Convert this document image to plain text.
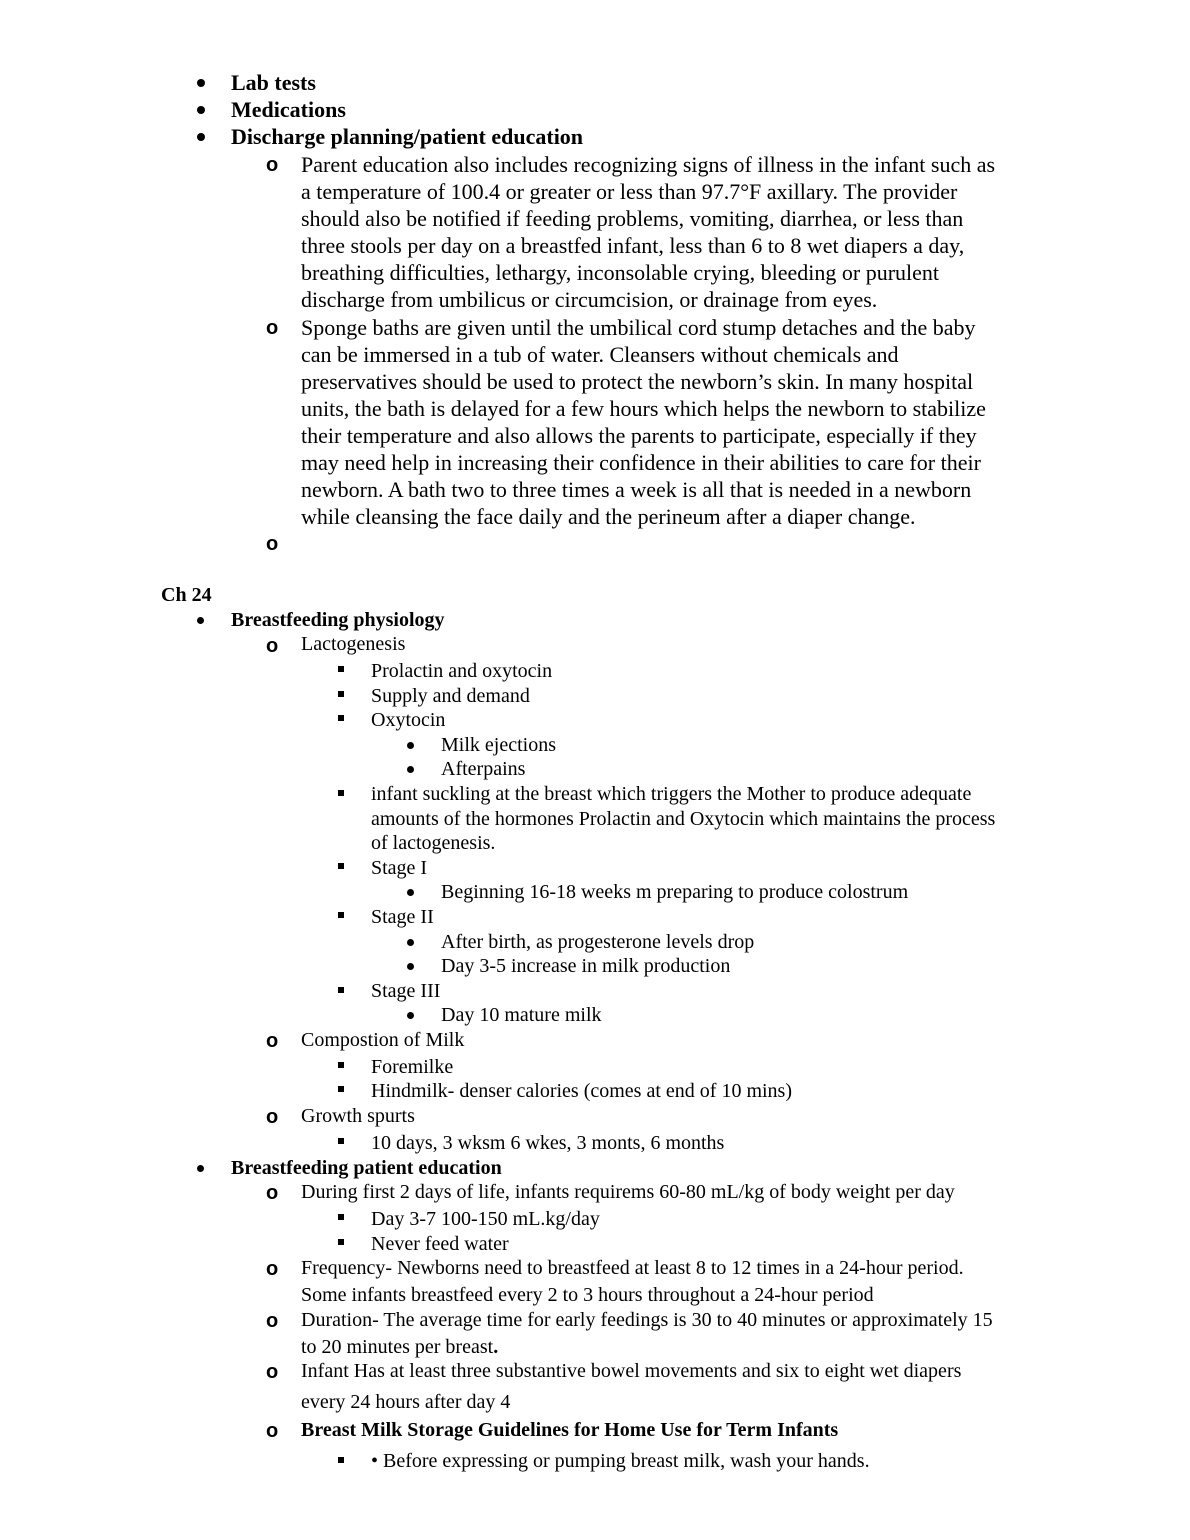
Lab tests
Medications
Discharge planning/patient education
o Parent education also includes recognizing signs of illness in the infant such as
a temperature of 100.4 or greater or less than 97.7°F axillary. The provider
should also be notified if feeding problems, vomiting, diarrhea, or less than
three stools per day on a breastfed infant, less than 6 to 8 wet diapers a day,
breathing difficulties, lethargy, inconsolable crying, bleeding or purulent
discharge from umbilicus or circumcision, or drainage from eyes.
o Sponge baths are given until the umbilical cord stump detaches and the baby
can be immersed in a tub of water. Cleansers without chemicals and
preservatives should be used to protect the newborn’s skin. In many hospital
units, the bath is delayed for a few hours which helps the newborn to stabilize
their temperature and also allows the parents to participate, especially if they
may need help in increasing their confidence in their abilities to care for their
newborn. A bath two to three times a week is all that is needed in a newborn
while cleansing the face daily and the perineum after a diaper change.
o
Ch 24
Breastfeeding physiology
o Lactogenesis
Prolactin and oxytocin
Supply and demand
Oxytocin
Milk ejections
Afterpains
infant suckling at the breast which triggers the Mother to produce adequate
amounts of the hormones Prolactin and Oxytocin which maintains the process
of lactogenesis.
Stage I
Beginning 16-18 weeks m preparing to produce colostrum
Stage II
After birth, as progesterone levels drop
Day 3-5 increase in milk production
Stage III
Day 10 mature milk
o Compostion of Milk
Foremilke
Hindmilk- denser calories (comes at end of 10 mins)
o Growth spurts
10 days, 3 wksm 6 wkes, 3 monts, 6 months
Breastfeeding patient education
o During first 2 days of life, infants requirems 60-80 mL/kg of body weight per day
Day 3-7 100-150 mL.kg/day
Never feed water
o Frequency- Newborns need to breastfeed at least 8 to 12 times in a 24-hour period.
Some infants breastfeed every 2 to 3 hours throughout a 24-hour period
o Duration- The average time for early feedings is 30 to 40 minutes or approximately 15
to 20 minutes per breast.
o Infant Has at least three substantive bowel movements and six to eight wet diapers
every 24 hours after day 4
o Breast Milk Storage Guidelines for Home Use for Term Infants
• Before expressing or pumping breast milk, wash your hands.
